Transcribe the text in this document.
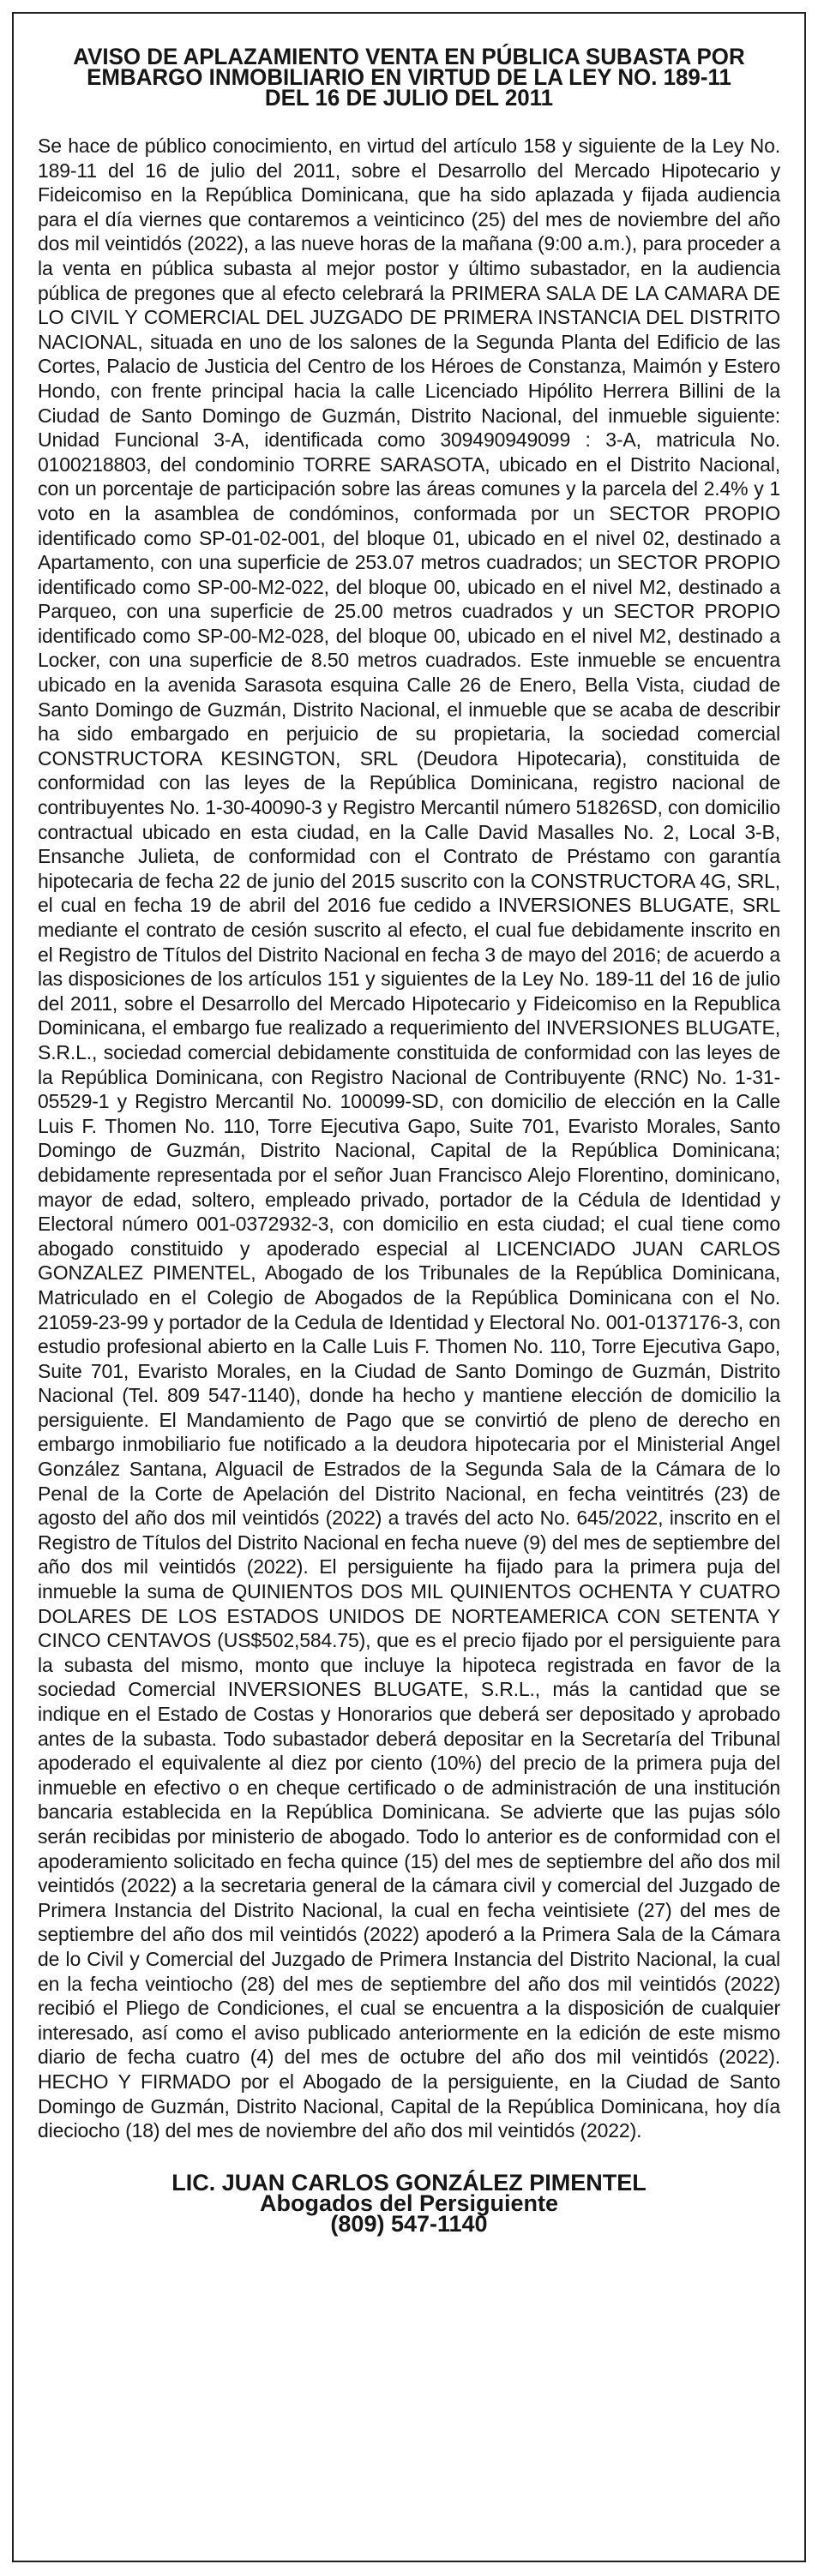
AVISO DE APLAZAMIENTO VENTA EN PÚBLICA SUBASTA POR
EMBARGO INMOBILIARIO EN VIRTUD DE LA LEY NO. 189-11
DEL 16 DE JULIO DEL 2011

Se hace de público conocimiento, en virtud del artículo 158 y siguiente de la Ley No. 189-11 del 16 de julio del 2011, sobre el Desarrollo del Mercado Hipotecario y Fideicomiso en la República Dominicana, que ha sido aplazada y fijada audiencia para el día viernes que contaremos a veinticinco (25) del mes de noviembre del año dos mil veintidós (2022), a las nueve horas de la mañana (9:00 a.m.), para proceder a la venta en pública subasta al mejor postor y último subastador, en la audiencia pública de pregones que al efecto celebrará la PRIMERA SALA DE LA CAMARA DE LO CIVIL Y COMERCIAL DEL JUZGADO DE PRIMERA INSTANCIA DEL DISTRITO NACIONAL, situada en uno de los salones de la Segunda Planta del Edificio de las Cortes, Palacio de Justicia del Centro de los Héroes de Constanza, Maimón y Estero Hondo, con frente principal hacia la calle Licenciado Hipólito Herrera Billini de la Ciudad de Santo Domingo de Guzmán, Distrito Nacional, del inmueble siguiente: Unidad Funcional 3-A, identificada como 309490949099 : 3-A, matricula No. 0100218803, del condominio TORRE SARASOTA, ubicado en el Distrito Nacional, con un porcentaje de participación sobre las áreas comunes y la parcela del 2.4% y 1 voto en la asamblea de condóminos, conformada por un SECTOR PROPIO identificado como SP-01-02-001, del bloque 01, ubicado en el nivel 02, destinado a Apartamento, con una superficie de 253.07 metros cuadrados; un SECTOR PROPIO identificado como SP-00-M2-022, del bloque 00, ubicado en el nivel M2, destinado a Parqueo, con una superficie de 25.00 metros cuadrados y un SECTOR PROPIO identificado como SP-00-M2-028, del bloque 00, ubicado en el nivel M2, destinado a Locker, con una superficie de 8.50 metros cuadrados. Este inmueble se encuentra ubicado en la avenida Sarasota esquina Calle 26 de Enero, Bella Vista, ciudad de Santo Domingo de Guzmán, Distrito Nacional, el inmueble que se acaba de describir ha sido embargado en perjuicio de su propietaria, la sociedad comercial CONSTRUCTORA KESINGTON, SRL (Deudora Hipotecaria), constituida de conformidad con las leyes de la República Dominicana, registro nacional de contribuyentes No. 1-30-40090-3 y Registro Mercantil número 51826SD, con domicilio contractual ubicado en esta ciudad, en la Calle David Masalles No. 2, Local 3-B, Ensanche Julieta, de conformidad con el Contrato de Préstamo con garantía hipotecaria de fecha 22 de junio del 2015 suscrito con la CONSTRUCTORA 4G, SRL, el cual en fecha 19 de abril del 2016 fue cedido a INVERSIONES BLUGATE, SRL mediante el contrato de cesión suscrito al efecto, el cual fue debidamente inscrito en el Registro de Títulos del Distrito Nacional en fecha 3 de mayo del 2016; de acuerdo a las disposiciones de los artículos 151 y siguientes de la Ley No. 189-11 del 16 de julio del 2011, sobre el Desarrollo del Mercado Hipotecario y Fideicomiso en la Republica Dominicana, el embargo fue realizado a requerimiento del INVERSIONES BLUGATE, S.R.L., sociedad comercial debidamente constituida de conformidad con las leyes de la República Dominicana, con Registro Nacional de Contribuyente (RNC) No. 1-31-05529-1 y Registro Mercantil No. 100099-SD, con domicilio de elección en la Calle Luis F. Thomen No. 110, Torre Ejecutiva Gapo, Suite 701, Evaristo Morales, Santo Domingo de Guzmán, Distrito Nacional, Capital de la República Dominicana; debidamente representada por el señor Juan Francisco Alejo Florentino, dominicano, mayor de edad, soltero, empleado privado, portador de la Cédula de Identidad y Electoral número 001-0372932-3, con domicilio en esta ciudad; el cual tiene como abogado constituido y apoderado especial al LICENCIADO JUAN CARLOS GONZALEZ PIMENTEL, Abogado de los Tribunales de la República Dominicana, Matriculado en el Colegio de Abogados de la República Dominicana con el No. 21059-23-99 y portador de la Cedula de Identidad y Electoral No. 001-0137176-3, con estudio profesional abierto en la Calle Luis F. Thomen No. 110, Torre Ejecutiva Gapo, Suite 701, Evaristo Morales, en la Ciudad de Santo Domingo de Guzmán, Distrito Nacional (Tel. 809 547-1140), donde ha hecho y mantiene elección de domicilio la persiguiente. El Mandamiento de Pago que se convirtió de pleno de derecho en embargo inmobiliario fue notificado a la deudora hipotecaria por el Ministerial Angel González Santana, Alguacil de Estrados de la Segunda Sala de la Cámara de lo Penal de la Corte de Apelación del Distrito Nacional, en fecha veintitrés (23) de agosto del año dos mil veintidós (2022) a través del acto No. 645/2022, inscrito en el Registro de Títulos del Distrito Nacional en fecha nueve (9) del mes de septiembre del año dos mil veintidós (2022). El persiguiente ha fijado para la primera puja del inmueble la suma de QUINIENTOS DOS MIL QUINIENTOS OCHENTA Y CUATRO DOLARES DE LOS ESTADOS UNIDOS DE NORTEAMERICA CON SETENTA Y CINCO CENTAVOS (US$502,584.75), que es el precio fijado por el persiguiente para la subasta del mismo, monto que incluye la hipoteca registrada en favor de la sociedad Comercial INVERSIONES BLUGATE, S.R.L., más la cantidad que se indique en el Estado de Costas y Honorarios que deberá ser depositado y aprobado antes de la subasta. Todo subastador deberá depositar en la Secretaría del Tribunal apoderado el equivalente al diez por ciento (10%) del precio de la primera puja del inmueble en efectivo o en cheque certificado o de administración de una institución bancaria establecida en la República Dominicana. Se advierte que las pujas sólo serán recibidas por ministerio de abogado. Todo lo anterior es de conformidad con el apoderamiento solicitado en fecha quince (15) del mes de septiembre del año dos mil veintidós (2022) a la secretaria general de la cámara civil y comercial del Juzgado de Primera Instancia del Distrito Nacional, la cual en fecha veintisiete (27) del mes de septiembre del año dos mil veintidós (2022) apoderó a la Primera Sala de la Cámara de lo Civil y Comercial del Juzgado de Primera Instancia del Distrito Nacional, la cual en la fecha veintiocho (28) del mes de septiembre del año dos mil veintidós (2022) recibió el Pliego de Condiciones, el cual se encuentra a la disposición de cualquier interesado, así como el aviso publicado anteriormente en la edición de este mismo diario de fecha cuatro (4) del mes de octubre del año dos mil veintidós (2022). HECHO Y FIRMADO por el Abogado de la persiguiente, en la Ciudad de Santo Domingo de Guzmán, Distrito Nacional, Capital de la República Dominicana, hoy día dieciocho (18) del mes de noviembre del año dos mil veintidós (2022).

LIC. JUAN CARLOS GONZÁLEZ PIMENTEL
Abogados del Persiguiente
(809) 547-1140
